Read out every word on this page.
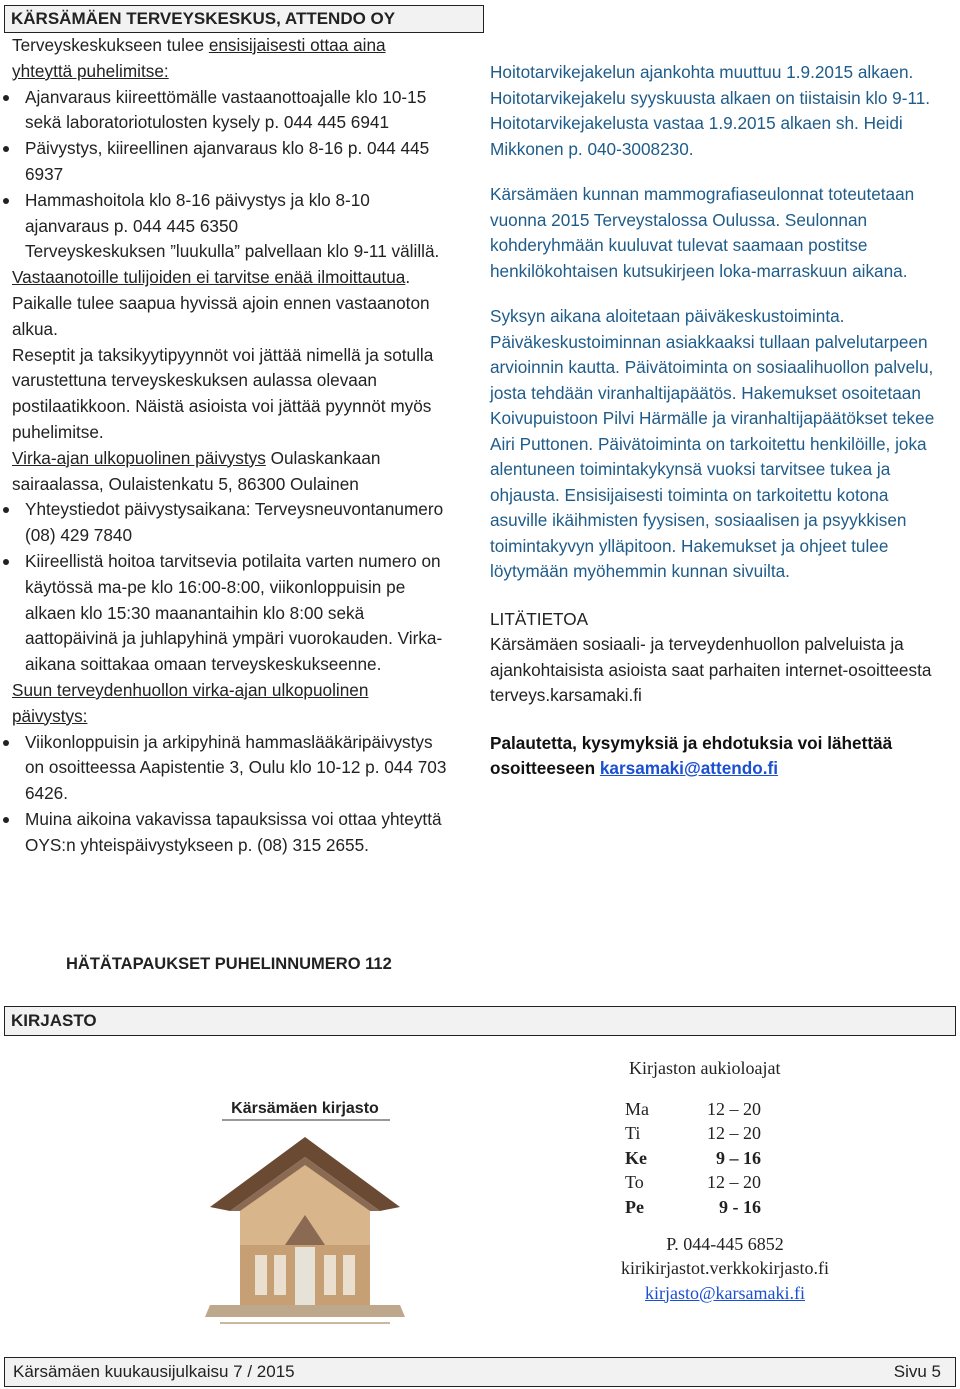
KÄRSÄMÄEN TERVEYSKESKUS, ATTENDO OY

Terveyskeskukseen tulee ensisijaisesti ottaa aina yhteyttä puhelimitse:

Ajanvaraus kiireettömälle vastaanottoajalle klo 10-15 sekä laboratoriotulosten kysely p. 044 445 6941

Päivystys, kiireellinen ajanvaraus klo 8-16 p. 044 445 6937

Hammashoitola klo 8-16 päivystys ja klo 8-10 ajanvaraus p. 044 445 6350

Terveyskeskuksen ”luukulla” palvellaan klo 9-11 välillä.

Vastaanotoille tulijoiden ei tarvitse enää ilmoittautua. Paikalle tulee saapua hyvissä ajoin ennen vastaanoton alkua.

Reseptit ja taksikyytipyynnöt voi jättää nimellä ja sotulla varustettuna terveyskeskuksen aulassa olevaan postilaatikkoon. Näistä asioista voi jättää pyynnöt myös puhelimitse.

Virka-ajan ulkopuolinen päivystys Oulaskankaan sairaalassa, Oulaistenkatu 5, 86300 Oulainen

Yhteystiedot päivystysaikana: Terveysneuvontanumero (08) 429 7840

Kiireellistä hoitoa tarvitsevia potilaita varten numero on käytössä ma-pe klo 16:00-8:00, viikonloppuisin pe alkaen klo 15:30 maanantaihin klo 8:00 sekä aattopäivinä ja juhlapyhinä ympäri vuorokauden. Virka-aikana soittakaa omaan terveyskeskukseenne.

Suun terveydenhuollon virka-ajan ulkopuolinen päivystys:

Viikonloppuisin ja arkipyhinä hammaslääkäripäivystys on osoitteessa Aapistentie 3, Oulu klo 10-12 p. 044 703 6426.

Muina aikoina vakavissa tapauksissa voi ottaa yhteyttä OYS:n yhteispäivystykseen p. (08) 315 2655.

HÄTÄTAPAUKSET PUHELINNUMERO 112

Hoitotarvikejakelun ajankohta muuttuu 1.9.2015 alkaen. Hoitotarvikejakelu syyskuusta alkaen on tiistaisin klo 9-11. Hoitotarvikejakelusta vastaa 1.9.2015 alkaen sh. Heidi Mikkonen p. 040-3008230.

Kärsämäen kunnan mammografiaseulonnat toteutetaan vuonna 2015 Terveystalossa Oulussa. Seulonnan kohderyhmään kuuluvat tulevat saamaan postitse henkilökohtaisen kutsukirjeen loka-marraskuun aikana.

Syksyn aikana aloitetaan päiväkeskustoiminta. Päiväkeskustoiminnan asiakkaaksi tullaan palvelutarpeen arvioinnin kautta. Päivätoiminta on sosiaalihuollon palvelu, josta tehdään viranhaltijapäätös. Hakemukset osoitetaan Koivupuistoon Pilvi Härmälle ja viranhaltijapäätökset tekee Airi Puttonen. Päivätoiminta on tarkoitettu henkilöille, joka alentuneen toimintakykynsä vuoksi tarvitsee tukea ja ohjausta. Ensisijaisesti toiminta on tarkoitettu kotona asuville ikäihmisten fyysisen, sosiaalisen ja psyykkisen toimintakyvyn ylläpitoon. Hakemukset ja ohjeet tulee löytymään myöhemmin kunnan sivuilta.

LITÄTIETOA

Kärsämäen sosiaali- ja terveydenhuollon palveluista ja ajankohtaisista asioista saat parhaiten internet-osoitteesta terveys.karsamaki.fi

Palautetta, kysymyksiä ja ehdotuksia voi lähettää osoitteeseen karsamaki@attendo.fi

KIRJASTO
Kärsämäen kirjasto
Kirjaston aukioloajat
Ma	12 – 20
Ti	12 – 20
Ke	9 – 16
To	12 – 20
Pe	9 - 16
P. 044-445 6852
kirikirjastot.verkkokirjasto.fi
kirjasto@karsamaki.fi
Kärsämäen kuukausijulkaisu 7 / 2015	Sivu 5
